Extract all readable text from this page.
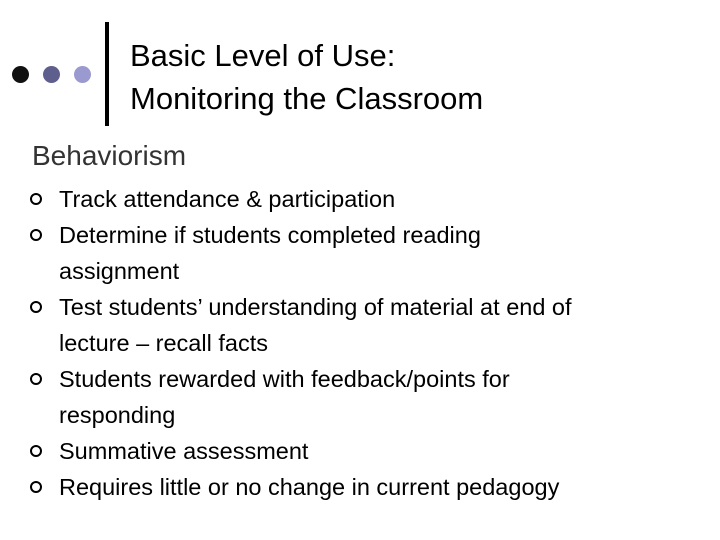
Basic Level of Use:
Monitoring the Classroom
Behaviorism
Track attendance & participation
Determine if students completed reading
assignment
Test students’ understanding of material at end of
lecture – recall facts
Students rewarded with feedback/points for
responding
Summative assessment
Requires little or no change in current pedagogy
